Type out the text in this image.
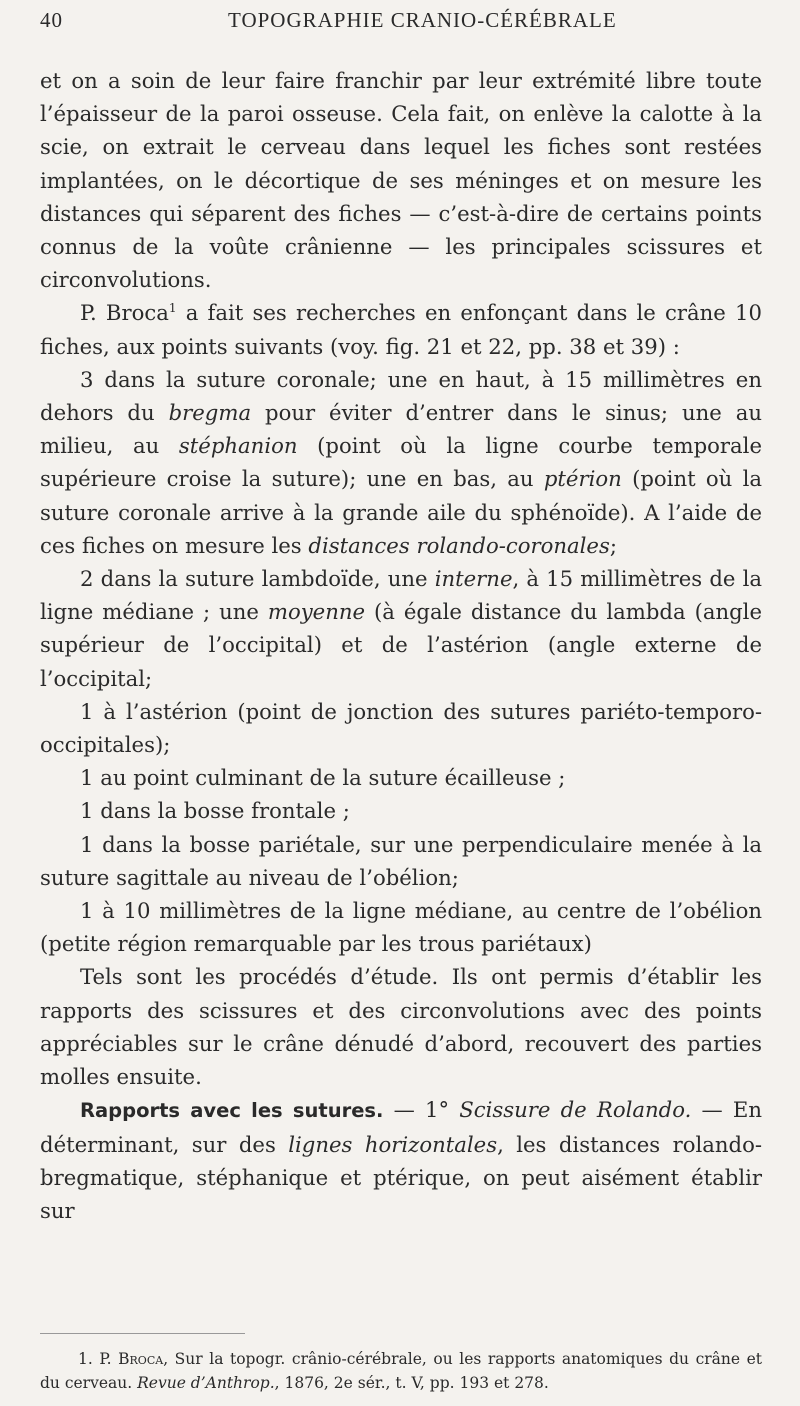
40	TOPOGRAPHIE CRANIO-CÉRÉBRALE

et on a soin de leur faire franchir par leur extrémité libre toute l’épaisseur de la paroi osseuse. Cela fait, on enlève la calotte à la scie, on extrait le cerveau dans lequel les fiches sont restées implantées, on le décortique de ses méninges et on mesure les distances qui séparent des fiches — c’est-à-dire de certains points connus de la voûte crânienne — les principales scissures et circonvolutions.

P. Broca$^1$ a fait ses recherches en enfonçant dans le crâne 10 fiches, aux points suivants (voy. fig. 21 et 22, pp. 38 et 39) :

3 dans la suture coronale; une en haut, à 15 millimètres en dehors du bregma pour éviter d’entrer dans le sinus; une au milieu, au stéphanion (point où la ligne courbe temporale supérieure croise la suture); une en bas, au ptérion (point où la suture coronale arrive à la grande aile du sphénoïde). A l’aide de ces fiches on mesure les distances rolando-coronales;

2 dans la suture lambdoïde, une interne, à 15 millimètres de la ligne médiane ; une moyenne (à égale distance du lambda (angle supérieur de l’occipital) et de l’astérion (angle externe de l’occipital;

1 à l’astérion (point de jonction des sutures pariéto-temporo-occipitales);

1 au point culminant de la suture écailleuse ;

1 dans la bosse frontale ;

1 dans la bosse pariétale, sur une perpendiculaire menée à la suture sagittale au niveau de l’obélion;

1 à 10 millimètres de la ligne médiane, au centre de l’obélion (petite région remarquable par les trous pariétaux)

Tels sont les procédés d’étude. Ils ont permis d’établir les rapports des scissures et des circonvolutions avec des points appréciables sur le crâne dénudé d’abord, recouvert des parties molles ensuite.

Rapports avec les sutures. — 1° Scissure de Rolando. — En déterminant, sur des lignes horizontales, les distances rolando-bregmatique, stéphanique et ptérique, on peut aisément établir sur

1. P. Broca, Sur la topogr. crânio-cérébrale, ou les rapports anatomiques du crâne et du cerveau. Revue d’Anthrop., 1876, 2e sér., t. V, pp. 193 et 278.
